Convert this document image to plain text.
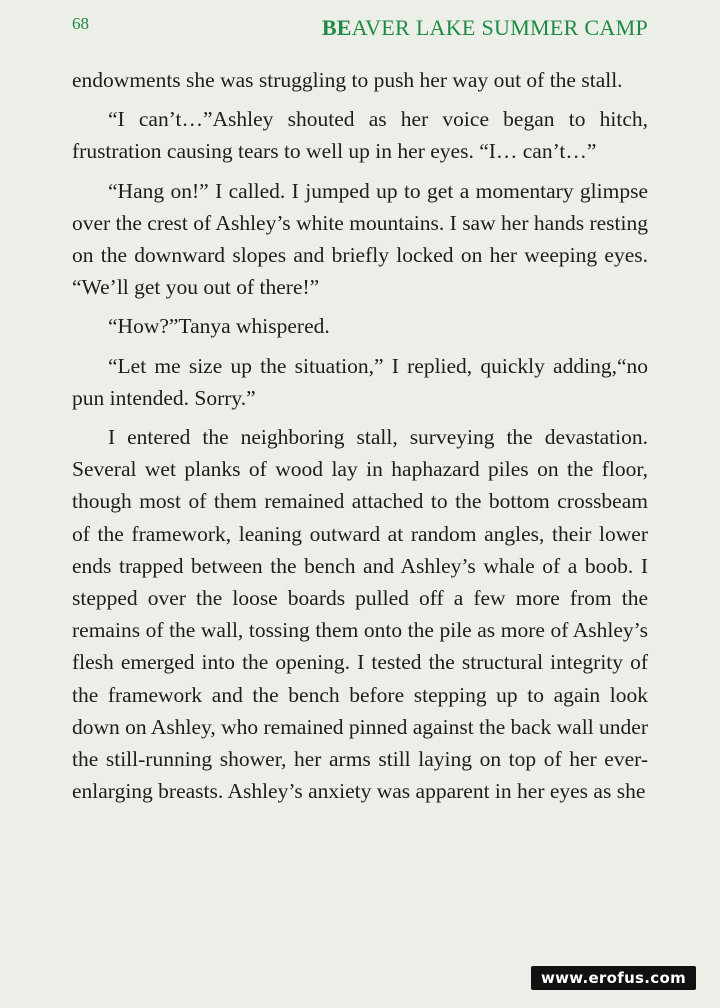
68	BEAVER LAKE SUMMER CAMP

endowments she was struggling to push her way out of the stall.

“I can’t…”Ashley shouted as her voice began to hitch, frustration causing tears to well up in her eyes. “I… can’t…”

“Hang on!” I called. I jumped up to get a momentary glimpse over the crest of Ashley’s white mountains. I saw her hands resting on the downward slopes and briefly locked on her weeping eyes. “We’ll get you out of there!”

“How?”Tanya whispered.

“Let me size up the situation,” I replied, quickly adding,“no pun intended. Sorry.”

I entered the neighboring stall, surveying the devastation. Several wet planks of wood lay in haphazard piles on the floor, though most of them remained attached to the bottom crossbeam of the framework, leaning outward at random angles, their lower ends trapped between the bench and Ashley’s whale of a boob. I stepped over the loose boards pulled off a few more from the remains of the wall, tossing them onto the pile as more of Ashley’s flesh emerged into the opening. I tested the structural integrity of the framework and the bench before stepping up to again look down on Ashley, who remained pinned against the back wall under the still-running shower, her arms still laying on top of her ever-enlarging breasts. Ashley’s anxiety was apparent in her eyes as she

www.erofus.com
